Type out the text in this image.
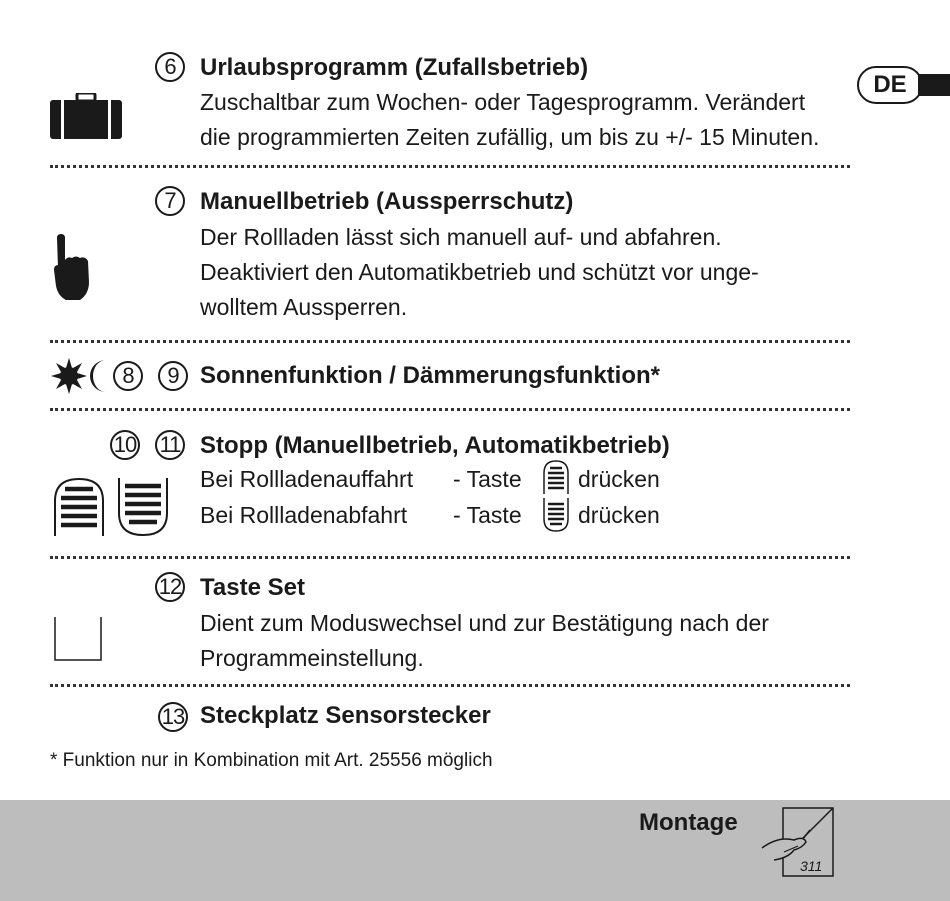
DE
6	Urlaubsprogramm (Zufallsbetrieb)
Zuschaltbar zum Wochen- oder Tagesprogramm. Verändert
die programmierten Zeiten zufällig, um bis zu +/- 15 Minuten.
7	Manuellbetrieb (Aussperrschutz)
Der Rollladen lässt sich manuell auf- und abfahren.
Deaktiviert den Automatikbetrieb und schützt vor unge-
wolltem Aussperren.
8	9 Sonnenfunktion / Dämmerungsfunktion*
10 11 Stopp (Manuellbetrieb, Automatikbetrieb)
Bei Rollladenauffahrt - Taste drücken
Bei Rollladenabfahrt - Taste drücken
12 Taste Set
Dient zum Moduswechsel und zur Bestätigung nach der
Programmeinstellung.
13 Steckplatz Sensorstecker
* Funktion nur in Kombination mit Art. 25556 möglich
Montage
311
